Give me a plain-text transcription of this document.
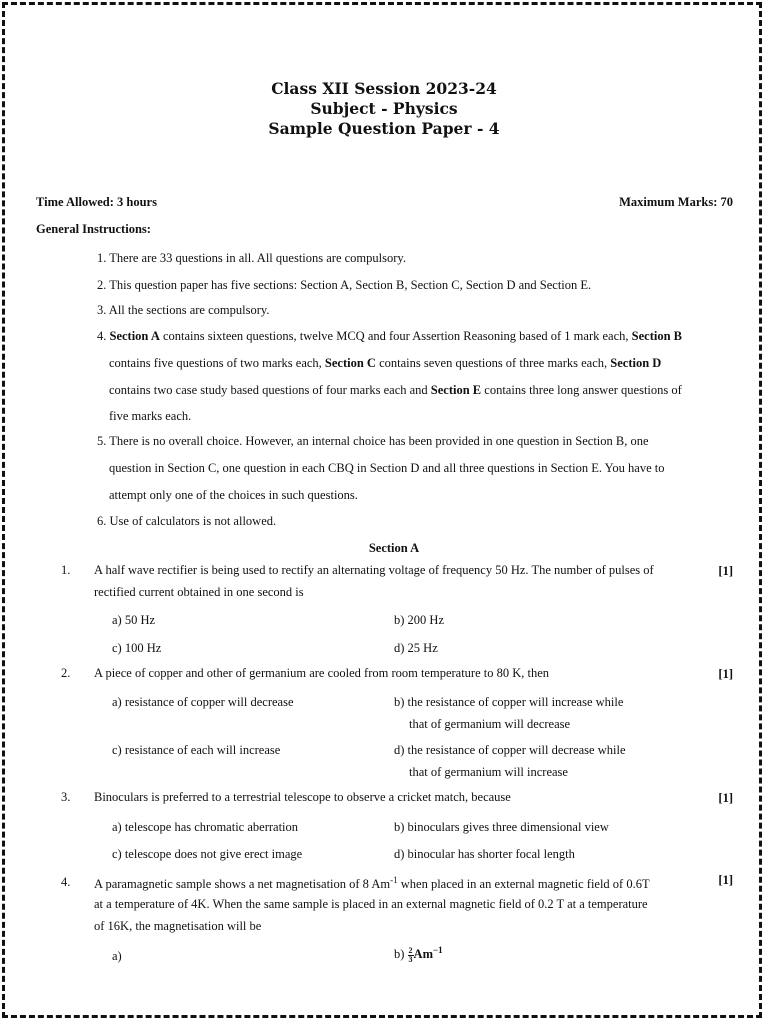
Class XII Session 2023-24
Subject - Physics
Sample Question Paper - 4
Time Allowed: 3 hours	Maximum Marks: 70
General Instructions:
1. There are 33 questions in all. All questions are compulsory.
2. This question paper has five sections: Section A, Section B, Section C, Section D and Section E.
3. All the sections are compulsory.
4. Section A contains sixteen questions, twelve MCQ and four Assertion Reasoning based of 1 mark each, Section B
contains five questions of two marks each, Section C contains seven questions of three marks each, Section D
contains two case study based questions of four marks each and Section E contains three long answer questions of
five marks each.
5. There is no overall choice. However, an internal choice has been provided in one question in Section B, one
question in Section C, one question in each CBQ in Section D and all three questions in Section E. You have to
attempt only one of the choices in such questions.
6. Use of calculators is not allowed.
Section A
1. A half wave rectifier is being used to rectify an alternating voltage of frequency 50 Hz. The number of pulses of
rectified current obtained in one second is
[1]
a) 50 Hz	b) 200 Hz
c) 100 Hz	d) 25 Hz
2. A piece of copper and other of germanium are cooled from room temperature to 80 K, then	[1]
a) resistance of copper will decrease	b) the resistance of copper will increase while
that of germanium will decrease
c) resistance of each will increase	d) the resistance of copper will decrease while
that of germanium will increase
3. Binoculars is preferred to a terrestrial telescope to observe a cricket match, because	[1]
a) telescope has chromatic aberration	b) binoculars gives three dimensional view
c) telescope does not give erect image	d) binocular has shorter focal length
4. A paramagnetic sample shows a net magnetisation of 8 $Am^{-1}$ when placed in an external magnetic field of 0.6T
at a temperature of 4K. When the same sample is placed in an external magnetic field of 0.2 T at a temperature
of 16K, the magnetisation will be
[1]
a)	$b) \frac{2}{3} Am^{-1}$
